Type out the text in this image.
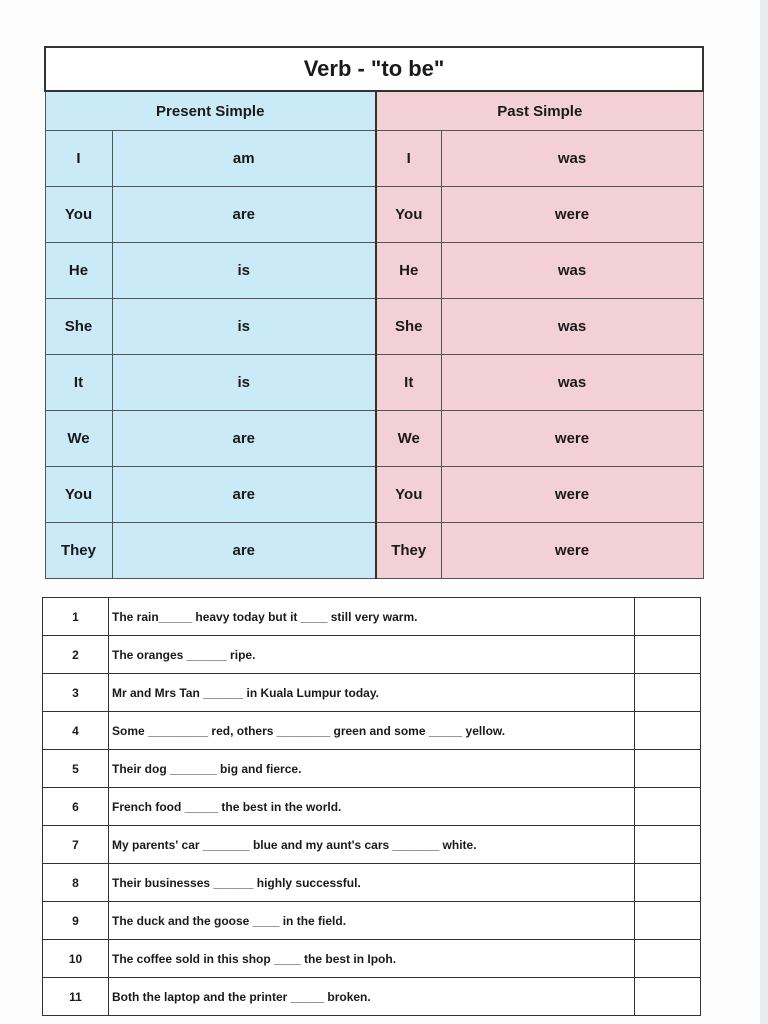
Verb - "to be"			
Present Simple		Past Simple	
I	am	I	was
You	are	You	were
He	is	He	was
She	is	She	was
It	is	It	was
We	are	We	were
You	are	You	were
They	are	They	were
1	The rain_____ heavy today but it ____ still very warm.	
2	The oranges ______ ripe.	
3	Mr and Mrs Tan ______ in Kuala Lumpur today.	
4	Some _________ red, others ________ green and some _____ yellow.	
5	Their dog _______ big and fierce.	
6	French food _____ the best in the world.	
7	My parents' car _______ blue and my aunt's cars _______ white.	
8	Their businesses ______ highly successful.	
9	The duck and the goose ____ in the field.	
10	The coffee sold in this shop ____ the best in Ipoh.	
11	Both the laptop and the printer _____ broken.	
